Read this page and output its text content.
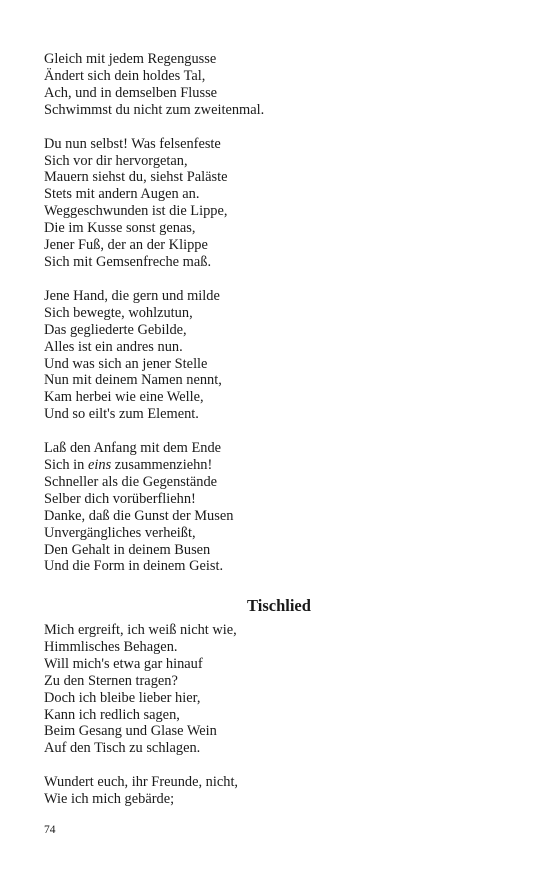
Gleich mit jedem Regengusse
Ändert sich dein holdes Tal,
Ach, und in demselben Flusse
Schwimmst du nicht zum zweitenmal.
Du nun selbst! Was felsenfeste
Sich vor dir hervorgetan,
Mauern siehst du, siehst Paläste
Stets mit andern Augen an.
Weggeschwunden ist die Lippe,
Die im Kusse sonst genas,
Jener Fuß, der an der Klippe
Sich mit Gemsenfreche maß.
Jene Hand, die gern und milde
Sich bewegte, wohlzutun,
Das gegliederte Gebilde,
Alles ist ein andres nun.
Und was sich an jener Stelle
Nun mit deinem Namen nennt,
Kam herbei wie eine Welle,
Und so eilt's zum Element.
Laß den Anfang mit dem Ende
Sich in eins zusammenziehn!
Schneller als die Gegenstände
Selber dich vorüberfliehn!
Danke, daß die Gunst der Musen
Unvergängliches verheißt,
Den Gehalt in deinem Busen
Und die Form in deinem Geist.
Tischlied
Mich ergreift, ich weiß nicht wie,
Himmlisches Behagen.
Will mich's etwa gar hinauf
Zu den Sternen tragen?
Doch ich bleibe lieber hier,
Kann ich redlich sagen,
Beim Gesang und Glase Wein
Auf den Tisch zu schlagen.
Wundert euch, ihr Freunde, nicht,
Wie ich mich gebärde;
74
